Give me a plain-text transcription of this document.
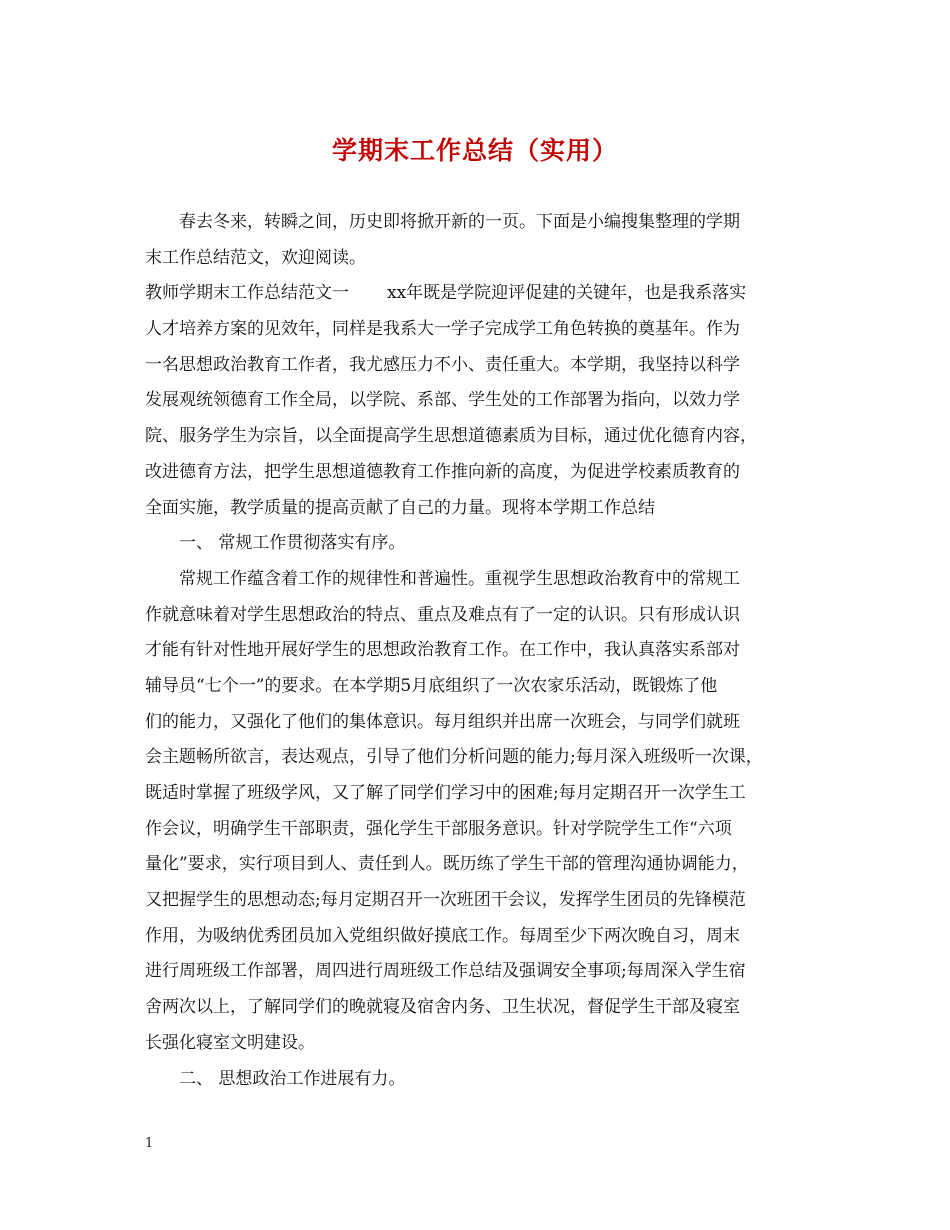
学期末工作总结（实用）
春去冬来，转瞬之间，历史即将掀开新的一页。下面是小编搜集整理的学期
末工作总结范文，欢迎阅读。
教师学期末工作总结范文一 xx年既是学院迎评促建的关键年，也是我系落实
人才培养方案的见效年，同样是我系大一学子完成学工角色转换的奠基年。作为
一名思想政治教育工作者，我尤感压力不小、责任重大。本学期，我坚持以科学
发展观统领德育工作全局，以学院、系部、学生处的工作部署为指向，以效力学
院、服务学生为宗旨，以全面提高学生思想道德素质为目标，通过优化德育内容，
改进德育方法，把学生思想道德教育工作推向新的高度，为促进学校素质教育的
全面实施，教学质量的提高贡献了自己的力量。现将本学期工作总结
一、 常规工作贯彻落实有序。
常规工作蕴含着工作的规律性和普遍性。重视学生思想政治教育中的常规工
作就意味着对学生思想政治的特点、重点及难点有了一定的认识。只有形成认识
才能有针对性地开展好学生的思想政治教育工作。在工作中，我认真落实系部对
辅导员“七个一”的要求。在本学期5月底组织了一次农家乐活动，既锻炼了他
们的能力，又强化了他们的集体意识。每月组织并出席一次班会，与同学们就班
会主题畅所欲言，表达观点，引导了他们分析问题的能力;每月深入班级听一次课，
既适时掌握了班级学风，又了解了同学们学习中的困难;每月定期召开一次学生工
作会议，明确学生干部职责，强化学生干部服务意识。针对学院学生工作“六项
量化”要求，实行项目到人、责任到人。既历练了学生干部的管理沟通协调能力，
又把握学生的思想动态;每月定期召开一次班团干会议，发挥学生团员的先锋模范
作用，为吸纳优秀团员加入党组织做好摸底工作。每周至少下两次晚自习，周末
进行周班级工作部署，周四进行周班级工作总结及强调安全事项;每周深入学生宿
舍两次以上，了解同学们的晚就寝及宿舍内务、卫生状况，督促学生干部及寝室
长强化寝室文明建设。
二、 思想政治工作进展有力。
1
